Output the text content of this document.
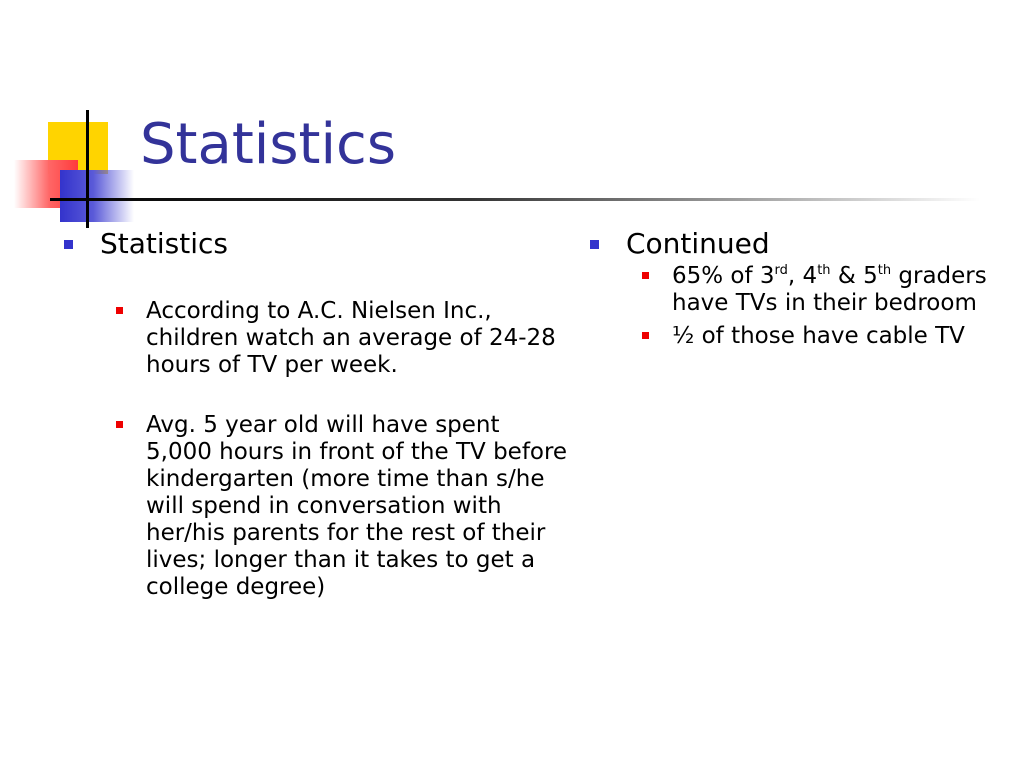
Statistics
Statistics
According to A.C. Nielsen Inc., children watch an average of 24-28 hours of TV per week.
Avg. 5 year old will have spent 5,000 hours in front of the TV before kindergarten (more time than s/he will spend in conversation with her/his parents for the rest of their lives; longer than it takes to get a college degree)
Continued
65% of 3rd, 4th & 5th graders have TVs in their bedroom
½ of those have cable TV
